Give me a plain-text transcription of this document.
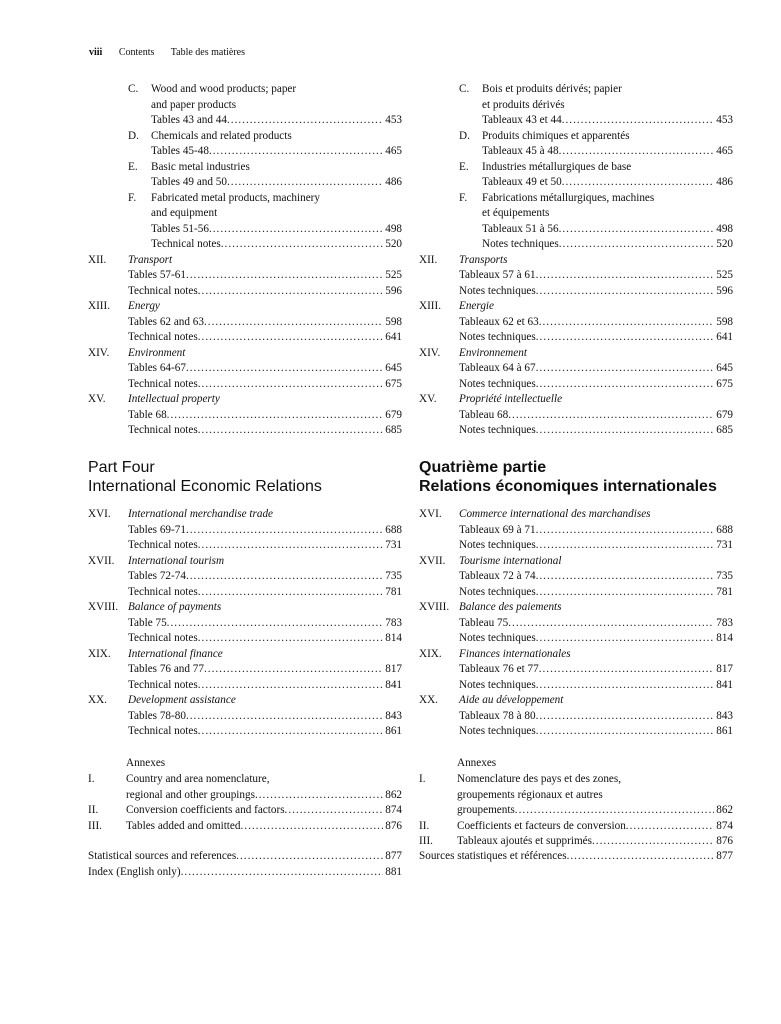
viii Contents Table des matières
C. Wood and wood products; paper
and paper products
Tables 43 and 44 .....	453
D. Chemicals and related products
Tables 45-48 .....	465
E. Basic metal industries
Tables 49 and 50 .....	486
F. Fabricated metal products, machinery
and equipment
Tables 51-56 .....	498
Technical notes .....	520
XII. Transport
Tables 57-61 .....	525
Technical notes .....	596
XIII. Energy
Tables 62 and 63 .....	598
Technical notes .....	641
XIV. Environment
Tables 64-67 .....	645
Technical notes .....	675
XV. Intellectual property
Table 68 .....	679
Technical notes .....	685
Part Four
International Economic Relations
XVI. International merchandise trade
Tables 69-71 .....	688
Technical notes .....	731
XVII. International tourism
Tables 72-74 .....	735
Technical notes .....	781
XVIII. Balance of payments
Table 75 .....	783
Technical notes .....	814
XIX. International finance
Tables 76 and 77 .....	817
Technical notes .....	841
XX. Development assistance
Tables 78-80 .....	843
Technical notes .....	861
Annexes
I.	Country and area nomenclature,
regional and other groupings .....	862
II. Conversion coefficients and factors .....	874
III. Tables added and omitted .....	876
Statistical sources and references .....	877
Index (English only) .....	881
C. Bois et produits dérivés; papier
et produits dérivés
Tableaux 43 et 44 .....	453
D. Produits chimiques et apparentés
Tableaux 45 à 48 .....	465
E. Industries métallurgiques de base
Tableaux 49 et 50 .....	486
F. Fabrications métallurgiques, machines
et équipements
Tableaux 51 à 56 .....	498
Notes techniques .....	520
XII. Transports
Tableaux 57 à 61 .....	525
Notes techniques .....	596
XIII. Energie
Tableaux 62 et 63 .....	598
Notes techniques .....	641
XIV. Environnement
Tableaux 64 à 67 .....	645
Notes techniques .....	675
XV. Propriété intellectuelle
Tableau 68 .....	679
Notes techniques .....	685
Quatrième partie
Relations économiques internationales
XVI. Commerce international des marchandises
Tableaux 69 à 71 .....	688
Notes techniques .....	731
XVII. Tourisme international
Tableaux 72 à 74 .....	735
Notes techniques .....	781
XVIII. Balance des paiements
Tableau 75 .....	783
Notes techniques .....	814
XIX. Finances internationales
Tableaux 76 et 77 .....	817
Notes techniques .....	841
XX. Aide au développement
Tableaux 78 à 80 .....	843
Notes techniques .....	861
Annexes
I.	Nomenclature des pays et des zones,
groupements régionaux et autres
groupements .....	862
II. Coefficients et facteurs de conversion .....	874
III. Tableaux ajoutés et supprimés .....	876
Sources statistiques et références .....	877
